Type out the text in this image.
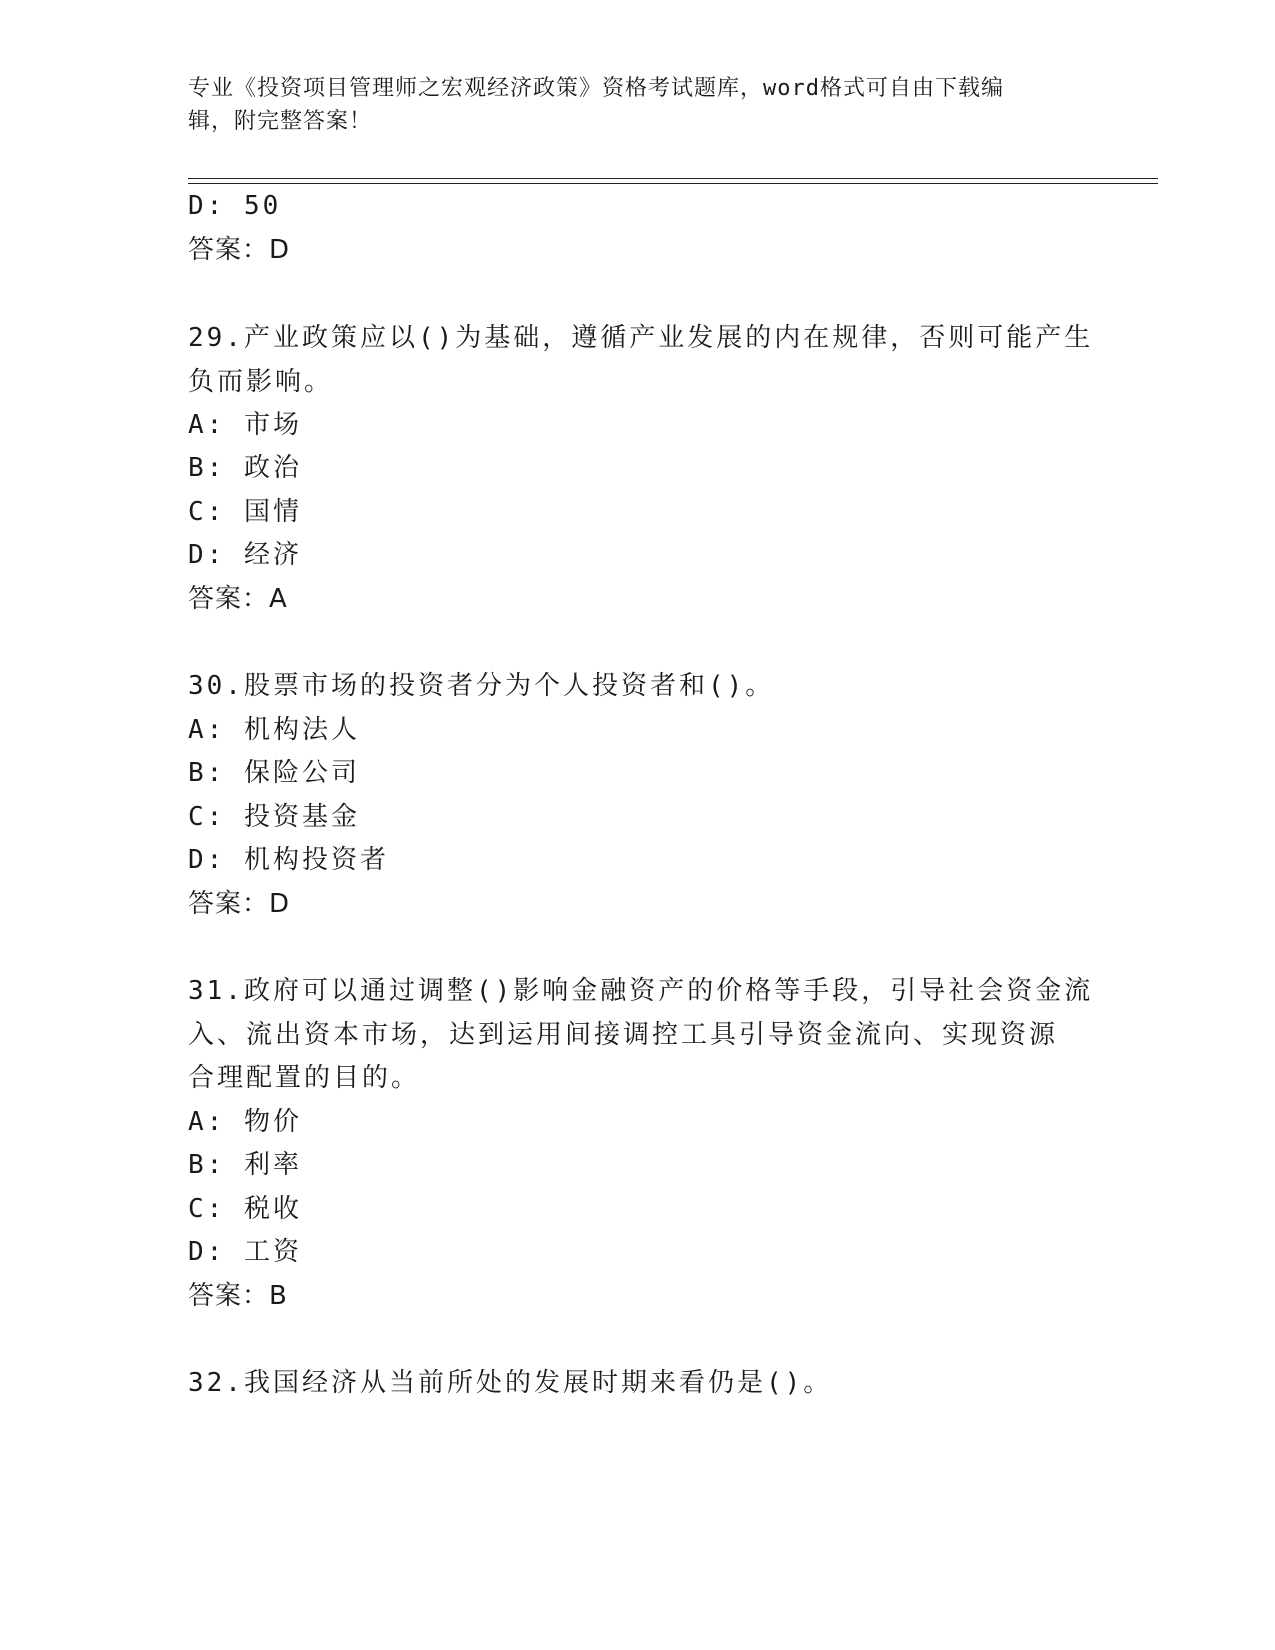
专业《投资项目管理师之宏观经济政策》资格考试题库，word格式可自由下载编
辑，附完整答案！
D: 50
答案：D
29.产业政策应以()为基础，遵循产业发展的内在规律，否则可能产生
负而影响。
A: 市场
B: 政治
C: 国情
D: 经济
答案：A
30.股票市场的投资者分为个人投资者和()。
A: 机构法人
B: 保险公司
C: 投资基金
D: 机构投资者
答案：D
31.政府可以通过调整()影响金融资产的价格等手段，引导社会资金流
入、流出资本市场，达到运用间接调控工具引导资金流向、实现资源
合理配置的目的。
A: 物价
B: 利率
C: 税收
D: 工资
答案：B
32.我国经济从当前所处的发展时期来看仍是()。
